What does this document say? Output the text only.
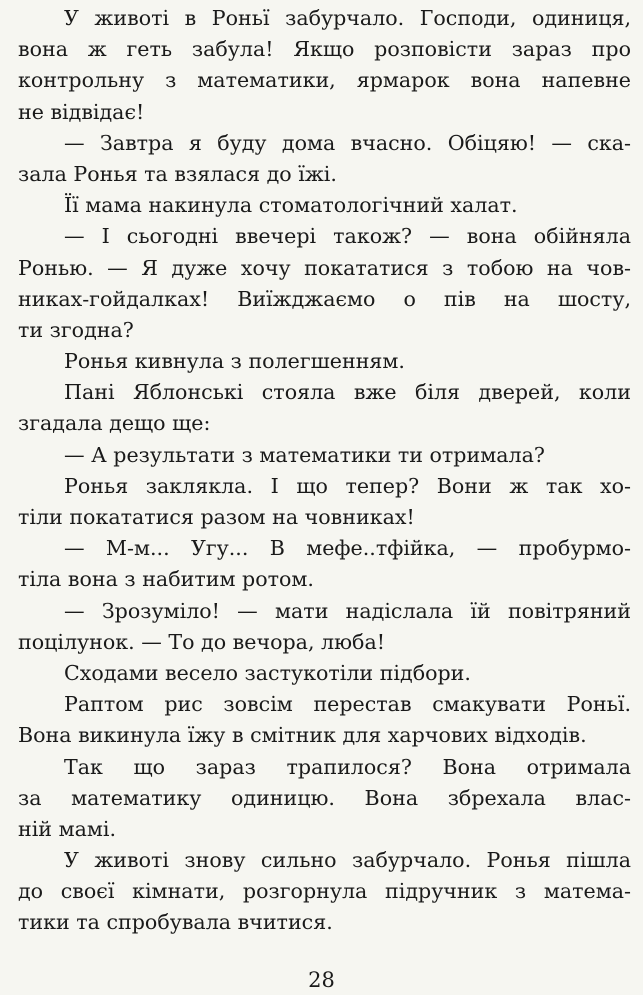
У животі в Роньї забурчало. Господи, одиниця,
вона ж геть забула! Якщо розповісти зараз про
контрольну з математики, ярмарок вона напевне
не відвідає!
— Завтра я буду дома вчасно. Обіцяю! — ска-
зала Ронья та взялася до їжі.
Її мама накинула стоматологічний халат.
— І сьогодні ввечері також? — вона обійняла
Ронью. — Я дуже хочу покататися з тобою на чов-
никах-гойдалках! Виїжджаємо о пів на шосту,
ти згодна?
Ронья кивнула з полегшенням.
Пані Яблонські стояла вже біля дверей, коли
згадала дещо ще:
— А результати з математики ти отримала?
Ронья заклякла. І що тепер? Вони ж так хо-
тіли покататися разом на човниках!
— М-м... Угу... В мефе..тфійка, — пробурмо-
тіла вона з набитим ротом.
— Зрозуміло! — мати надіслала їй повітряний
поцілунок. — То до вечора, люба!
Сходами весело застукотіли підбори.
Раптом рис зовсім перестав смакувати Роньї.
Вона викинула їжу в смітник для харчових відходів.
Так що зараз трапилося? Вона отримала
за математику одиницю. Вона збрехала влас-
ній мамі.
У животі знову сильно забурчало. Ронья пішла
до своєї кімнати, розгорнула підручник з матема-
тики та спробувала вчитися.
28
